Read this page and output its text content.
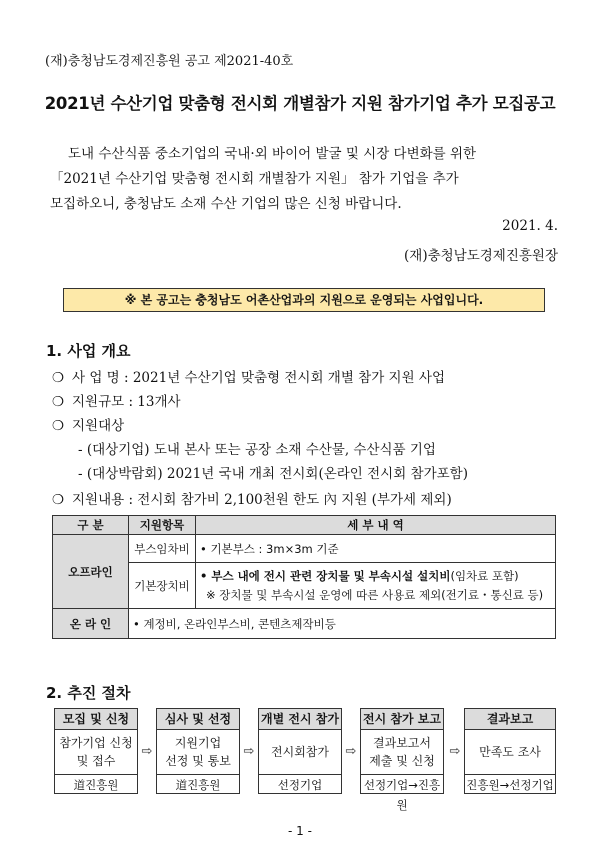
(재)충청남도경제진흥원 공고 제2021-40호
2021년 수산기업 맞춤형 전시회 개별참가 지원 참가기업 추가 모집공고
도내 수산식품 중소기업의 국내·외 바이어 발굴 및 시장 다변화를 위한
「2021년 수산기업 맞춤형 전시회 개별참가 지원」 참가 기업을 추가
모집하오니, 충청남도 소재 수산 기업의 많은 신청 바랍니다.
2021. 4.
(재)충청남도경제진흥원장
※ 본 공고는 충청남도 어촌산업과의 지원으로 운영되는 사업입니다.
1. 사업 개요
❍ 사 업 명 : 2021년 수산기업 맞춤형 전시회 개별 참가 지원 사업
❍ 지원규모 : 13개사
❍ 지원대상
- (대상기업) 도내 본사 또는 공장 소재 수산물, 수산식품 기업
- (대상박람회) 2021년 국내 개최 전시회(온라인 전시회 참가포함)
❍ 지원내용 : 전시회 참가비 2,100천원 한도 內 지원 (부가세 제외)
구 분	지원항목	세 부 내 역
오프라인	부스임차비	• 기본부스 : 3m×3m 기준
	기본장치비	• 부스 내에 전시 관련 장치물 및 부속시설 설치비(임차료 포함)
※ 장치물 및 부속시설 운영에 따른 사용료 제외(전기료・통신료 등)

온 라 인	• 계정비, 온라인부스비, 콘텐츠제작비등	
2. 추진 절차
모집 및 신청
참가기업 신청
및 접수
道진흥원
⇨
심사 및 선정
지원기업
선정 및 통보
道진흥원
⇨
개별 전시 참가
전시회참가
선정기업
⇨
전시 참가 보고
결과보고서
제출 및 신청
선정기업→진흥원
⇨
결과보고
만족도 조사
진흥원→선정기업
- 1 -
